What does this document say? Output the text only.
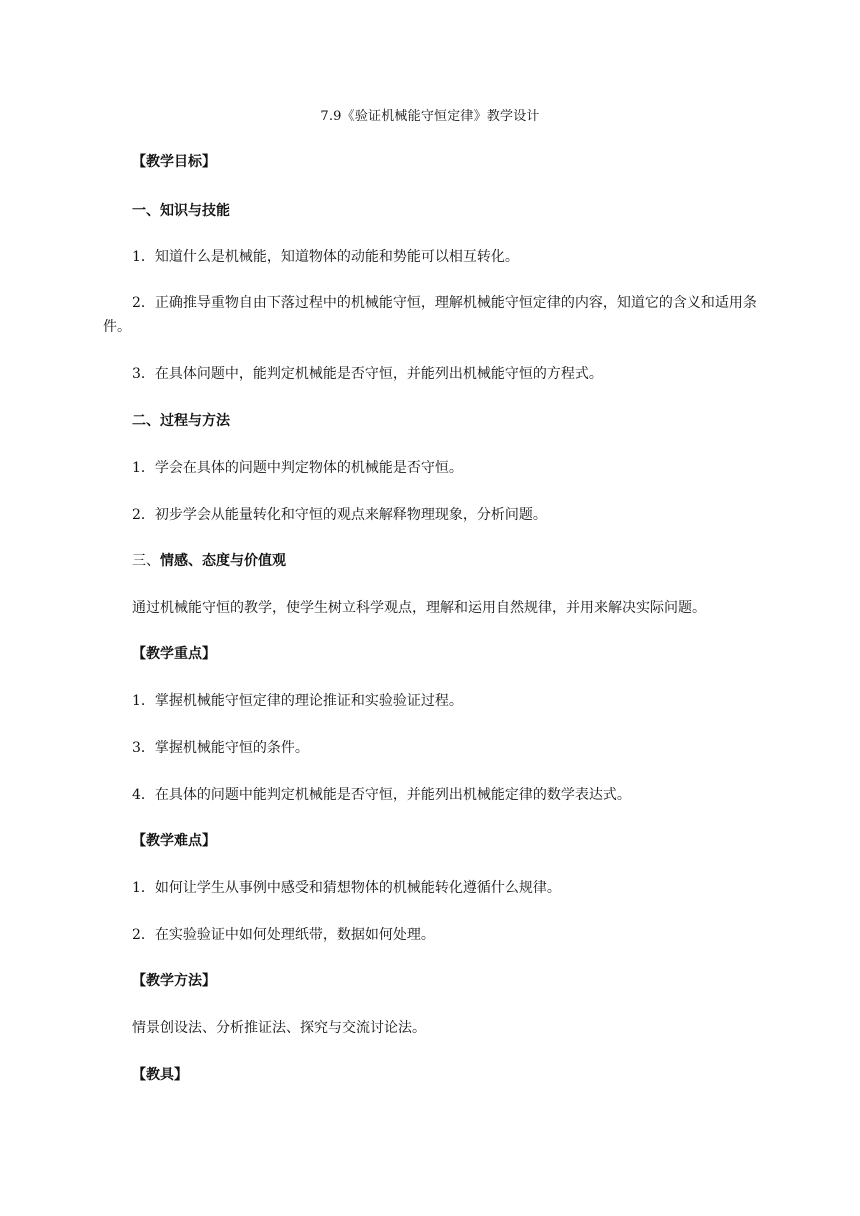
7.9《验证机械能守恒定律》教学设计
【教学目标】
一、知识与技能
1．知道什么是机械能，知道物体的动能和势能可以相互转化。
2．正确推导重物自由下落过程中的机械能守恒，理解机械能守恒定律的内容，知道它的含义和适用条件。
3．在具体问题中，能判定机械能是否守恒，并能列出机械能守恒的方程式。
二、过程与方法
1．学会在具体的问题中判定物体的机械能是否守恒。
2．初步学会从能量转化和守恒的观点来解释物理现象，分析问题。
三、情感、态度与价值观
通过机械能守恒的教学，使学生树立科学观点，理解和运用自然规律，并用来解决实际问题。
【教学重点】
1．掌握机械能守恒定律的理论推证和实验验证过程。
3．掌握机械能守恒的条件。
4．在具体的问题中能判定机械能是否守恒，并能列出机械能定律的数学表达式。
【教学难点】
1．如何让学生从事例中感受和猜想物体的机械能转化遵循什么规律。
2．在实验验证中如何处理纸带，数据如何处理。
【教学方法】
情景创设法、分析推证法、探究与交流讨论法。
【教具】
